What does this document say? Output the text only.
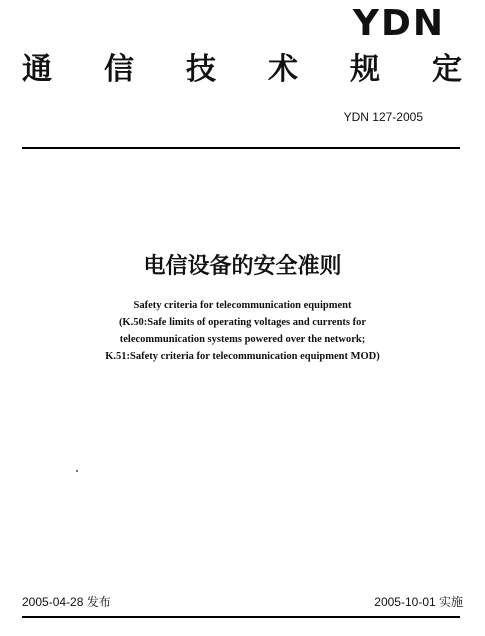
YDN
通 信 技 术 规 定
YDN 127-2005
电信设备的安全准则
Safety criteria for telecommunication equipment
(K.50:Safe limits of operating voltages and currents for
telecommunication systems powered over the network;
K.51:Safety criteria for telecommunication equipment MOD)
2005-04-28 发布	2005-10-01 实施
